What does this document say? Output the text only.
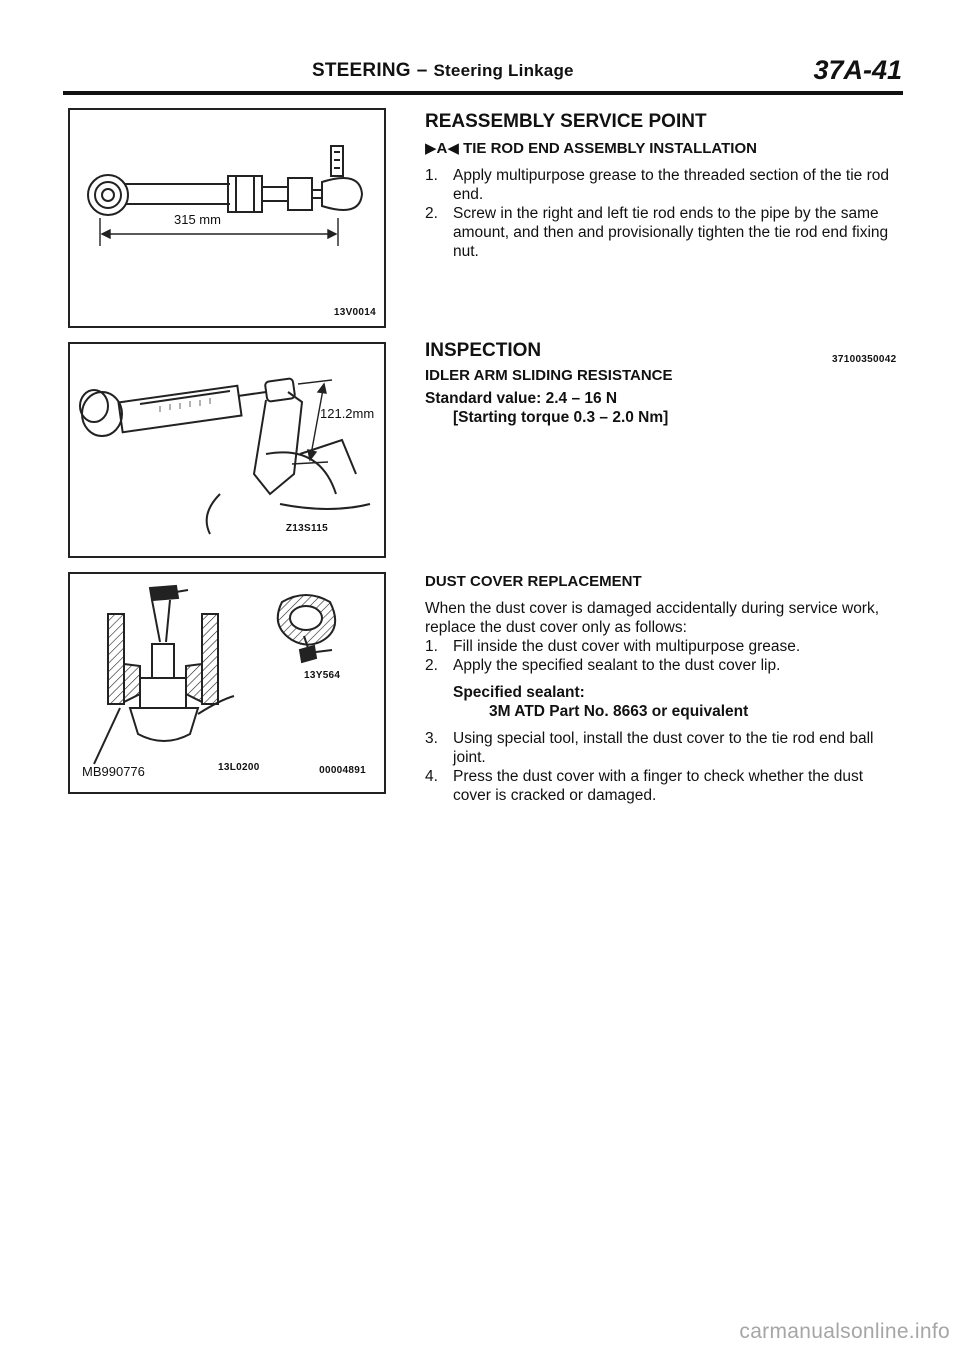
STEERING – Steering Linkage	37A-41
315 mm
13V0014
121.2mm
Z13S115
13Y564
MB990776	13L0200	00004891
REASSEMBLY SERVICE POINT
▶A◀ TIE ROD END ASSEMBLY INSTALLATION
1. Apply multipurpose grease to the threaded section of the tie rod end.
2. Screw in the right and left tie rod ends to the pipe by the same amount, and then and provisionally tighten the tie rod end fixing nut.
INSPECTION
IDLER ARM SLIDING RESISTANCE
Standard value: 2.4 – 16 N
[Starting torque 0.3 – 2.0 Nm]
37100350042
DUST COVER REPLACEMENT
When the dust cover is damaged accidentally during service work, replace the dust cover only as follows:
1. Fill inside the dust cover with multipurpose grease.
2. Apply the specified sealant to the dust cover lip.
Specified sealant:
3M ATD Part No. 8663 or equivalent
3. Using special tool, install the dust cover to the tie rod end ball joint.
4. Press the dust cover with a finger to check whether the dust cover is cracked or damaged.
carmanualsonline.info
